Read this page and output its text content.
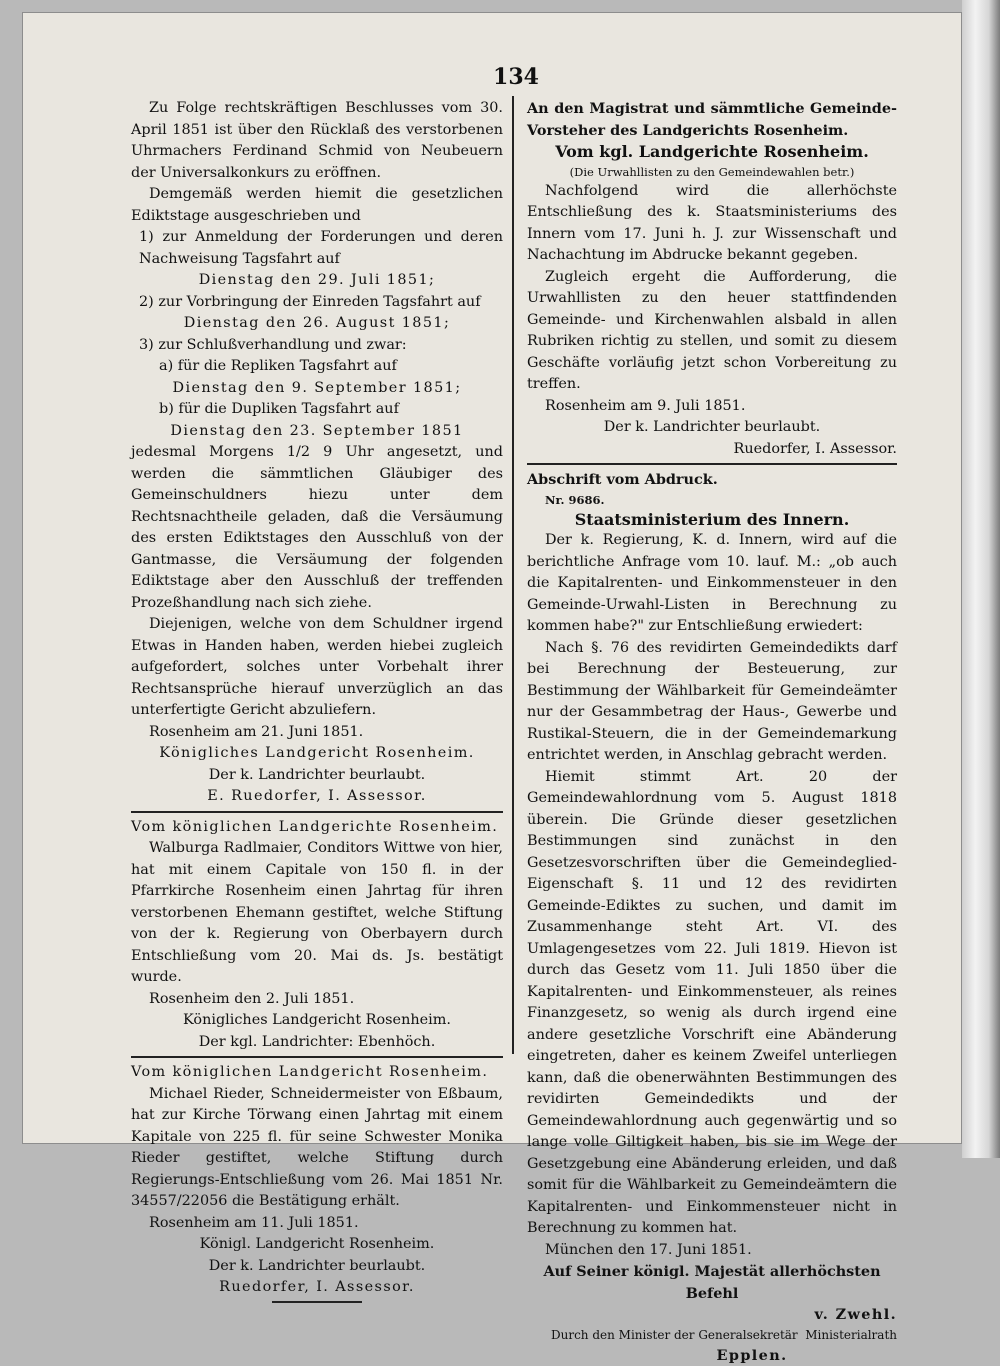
134

Zu Folge rechtskräftigen Beschlusses vom 30. April 1851 ist über den Rücklaß des verstorbenen Uhrmachers Ferdinand Schmid von Neubeuern der Universalkonkurs zu eröffnen.

Demgemäß werden hiemit die gesetzlichen Ediktstage ausgeschrieben und

1) zur Anmeldung der Forderungen und deren Nachweisung Tagsfahrt auf

Dienstag den 29. Juli 1851;

2) zur Vorbringung der Einreden Tagsfahrt auf

Dienstag den 26. August 1851;

3) zur Schlußverhandlung und zwar:

a) für die Repliken Tagsfahrt auf

Dienstag den 9. September 1851;

b) für die Dupliken Tagsfahrt auf

Dienstag den 23. September 1851

jedesmal Morgens 1/2 9 Uhr angesetzt, und werden die sämmtlichen Gläubiger des Gemeinschuldners hiezu unter dem Rechtsnachtheile geladen, daß die Versäumung des ersten Ediktstages den Ausschluß von der Gantmasse, die Versäumung der folgenden Ediktstage aber den Ausschluß der treffenden Prozeßhandlung nach sich ziehe.

Diejenigen, welche von dem Schuldner irgend Etwas in Handen haben, werden hiebei zugleich aufgefordert, solches unter Vorbehalt ihrer Rechtsansprüche hierauf unverzüglich an das unterfertigte Gericht abzuliefern.

Rosenheim am 21. Juni 1851.

Königliches Landgericht Rosenheim.

Der k. Landrichter beurlaubt.

E. Ruedorfer, I. Assessor.

Vom königlichen Landgerichte Rosenheim.

Walburga Radlmaier, Conditors Wittwe von hier, hat mit einem Capitale von 150 fl. in der Pfarrkirche Rosenheim einen Jahrtag für ihren verstorbenen Ehemann gestiftet, welche Stiftung von der k. Regierung von Oberbayern durch Entschließung vom 20. Mai ds. Js. bestätigt wurde.

Rosenheim den 2. Juli 1851.

Königliches Landgericht Rosenheim.

Der kgl. Landrichter: Ebenhöch.

Vom königlichen Landgericht Rosenheim.

Michael Rieder, Schneidermeister von Eßbaum, hat zur Kirche Törwang einen Jahrtag mit einem Kapitale von 225 fl. für seine Schwester Monika Rieder gestiftet, welche Stiftung durch Regierungs-Entschließung vom 26. Mai 1851 Nr. 34557/22056 die Bestätigung erhält.

Rosenheim am 11. Juli 1851.

Königl. Landgericht Rosenheim.

Der k. Landrichter beurlaubt.

Ruedorfer, I. Assessor.

An den Magistrat und sämmtliche Gemeinde-Vorsteher des Landgerichts Rosenheim.

Vom kgl. Landgerichte Rosenheim.

(Die Urwahllisten zu den Gemeindewahlen betr.)

Nachfolgend wird die allerhöchste Entschließung des k. Staatsministeriums des Innern vom 17. Juni h. J. zur Wissenschaft und Nachachtung im Abdrucke bekannt gegeben.

Zugleich ergeht die Aufforderung, die Urwahllisten zu den heuer stattfindenden Gemeinde- und Kirchenwahlen alsbald in allen Rubriken richtig zu stellen, und somit zu diesem Geschäfte vorläufig jetzt schon Vorbereitung zu treffen.

Rosenheim am 9. Juli 1851.

Der k. Landrichter beurlaubt.

Ruedorfer, I. Assessor.

Abschrift vom Abdruck.

Nr. 9686.

Staatsministerium des Innern.

Der k. Regierung, K. d. Innern, wird auf die berichtliche Anfrage vom 10. lauf. M.: „ob auch die Kapitalrenten- und Einkommensteuer in den Gemeinde-Urwahl-Listen in Berechnung zu kommen habe?" zur Entschließung erwiedert:

Nach §. 76 des revidirten Gemeindedikts darf bei Berechnung der Besteuerung, zur Bestimmung der Wählbarkeit für Gemeindeämter nur der Gesammbetrag der Haus-, Gewerbe und Rustikal-Steuern, die in der Gemeindemarkung entrichtet werden, in Anschlag gebracht werden.

Hiemit stimmt Art. 20 der Gemeindewahlordnung vom 5. August 1818 überein. Die Gründe dieser gesetzlichen Bestimmungen sind zunächst in den Gesetzesvorschriften über die Gemeindeglied-Eigenschaft §. 11 und 12 des revidirten Gemeinde-Ediktes zu suchen, und damit im Zusammenhange steht Art. VI. des Umlagengesetzes vom 22. Juli 1819. Hievon ist durch das Gesetz vom 11. Juli 1850 über die Kapitalrenten- und Einkommensteuer, als reines Finanzgesetz, so wenig als durch irgend eine andere gesetzliche Vorschrift eine Abänderung eingetreten, daher es keinem Zweifel unterliegen kann, daß die obenerwähnten Bestimmungen des revidirten Gemeindedikts und der Gemeindewahlordnung auch gegenwärtig und so lange volle Giltigkeit haben, bis sie im Wege der Gesetzgebung eine Abänderung erleiden, und daß somit für die Wählbarkeit zu Gemeindeämtern die Kapitalrenten- und Einkommensteuer nicht in Berechnung zu kommen hat.

München den 17. Juni 1851.

Auf Seiner königl. Majestät allerhöchsten Befehl

v. Zwehl.

Durch den Minister der Generalsekretär Ministerialrath

Epplen.
